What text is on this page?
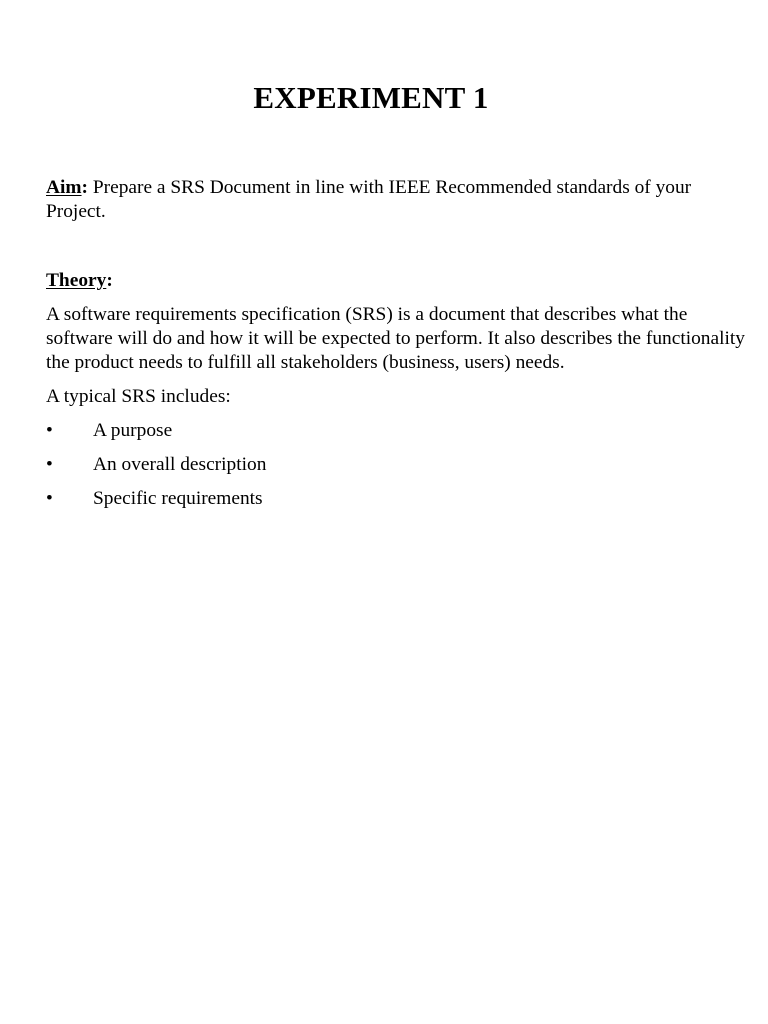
EXPERIMENT 1
Aim: Prepare a SRS Document in line with IEEE Recommended standards of your Project.
Theory:
A software requirements specification (SRS) is a document that describes what the software will do and how it will be expected to perform. It also describes the functionality the product needs to fulfill all stakeholders (business, users) needs.
A typical SRS includes:
• A purpose
• An overall description
• Specific requirements
